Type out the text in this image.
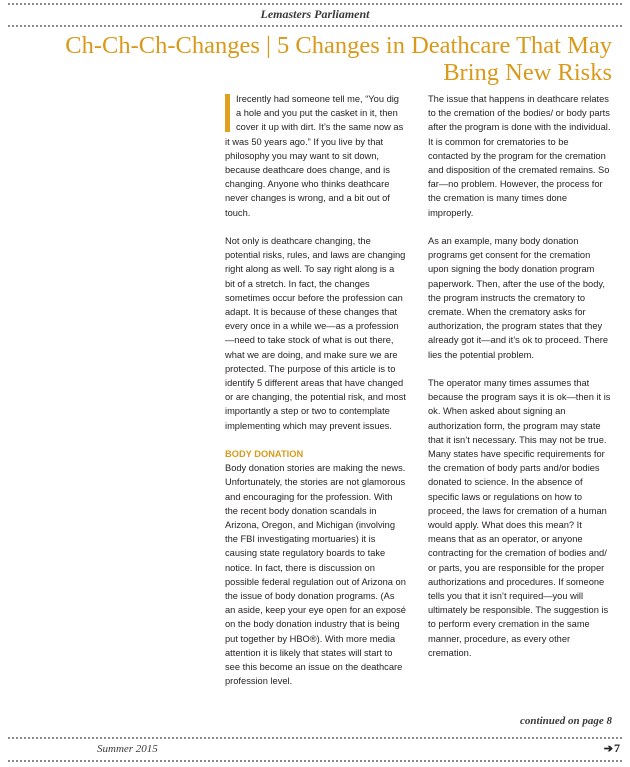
Lemasters Parliament
Ch-Ch-Ch-Changes | 5 Changes in Deathcare That May Bring New Risks

Irecently had someone tell me, “You dig a hole and you put the casket in it, then cover it up with dirt. It’s the same now as it was 50 years ago.” If you live by that philosophy you may want to sit down, because deathcare does change, and is changing. Anyone who thinks deathcare never changes is wrong, and a bit out of touch.

Not only is deathcare changing, the potential risks, rules, and laws are changing right along as well. To say right along is a bit of a stretch. In fact, the changes sometimes occur before the profession can adapt. It is because of these changes that every once in a while we—as a profession—need to take stock of what is out there, what we are doing, and make sure we are protected. The purpose of this article is to identify 5 different areas that have changed or are changing, the potential risk, and most importantly a step or two to contemplate implementing which may prevent issues.

BODY DONATION

Body donation stories are making the news. Unfortunately, the stories are not glamorous and encouraging for the profession. With the recent body donation scandals in Arizona, Oregon, and Michigan (involving the FBI investigating mortuaries) it is causing state regulatory boards to take notice. In fact, there is discussion on possible federal regulation out of Arizona on the issue of body donation programs. (As an aside, keep your eye open for an exposé on the body donation industry that is being put together by HBO®). With more media attention it is likely that states will start to see this become an issue on the deathcare profession level.

The issue that happens in deathcare relates to the cremation of the bodies/ or body parts after the program is done with the individual. It is common for crematories to be contacted by the program for the cremation and disposition of the cremated remains. So far—no problem. However, the process for the cremation is many times done improperly.

As an example, many body donation programs get consent for the cremation upon signing the body donation program paperwork. Then, after the use of the body, the program instructs the crematory to cremate. When the crematory asks for authorization, the program states that they already got it—and it’s ok to proceed. There lies the potential problem.

The operator many times assumes that because the program says it is ok—then it is ok. When asked about signing an authorization form, the program may state that it isn’t necessary. This may not be true. Many states have specific requirements for the cremation of body parts and/or bodies donated to science. In the absence of specific laws or regulations on how to proceed, the laws for cremation of a human would apply. What does this mean? It means that as an operator, or anyone contracting for the cremation of bodies and/ or parts, you are responsible for the proper authorizations and procedures. If someone tells you that it isn’t required—you will ultimately be responsible. The suggestion is to perform every cremation in the same manner, procedure, as every other cremation.

continued on page 8
Summer 2015	➔7
